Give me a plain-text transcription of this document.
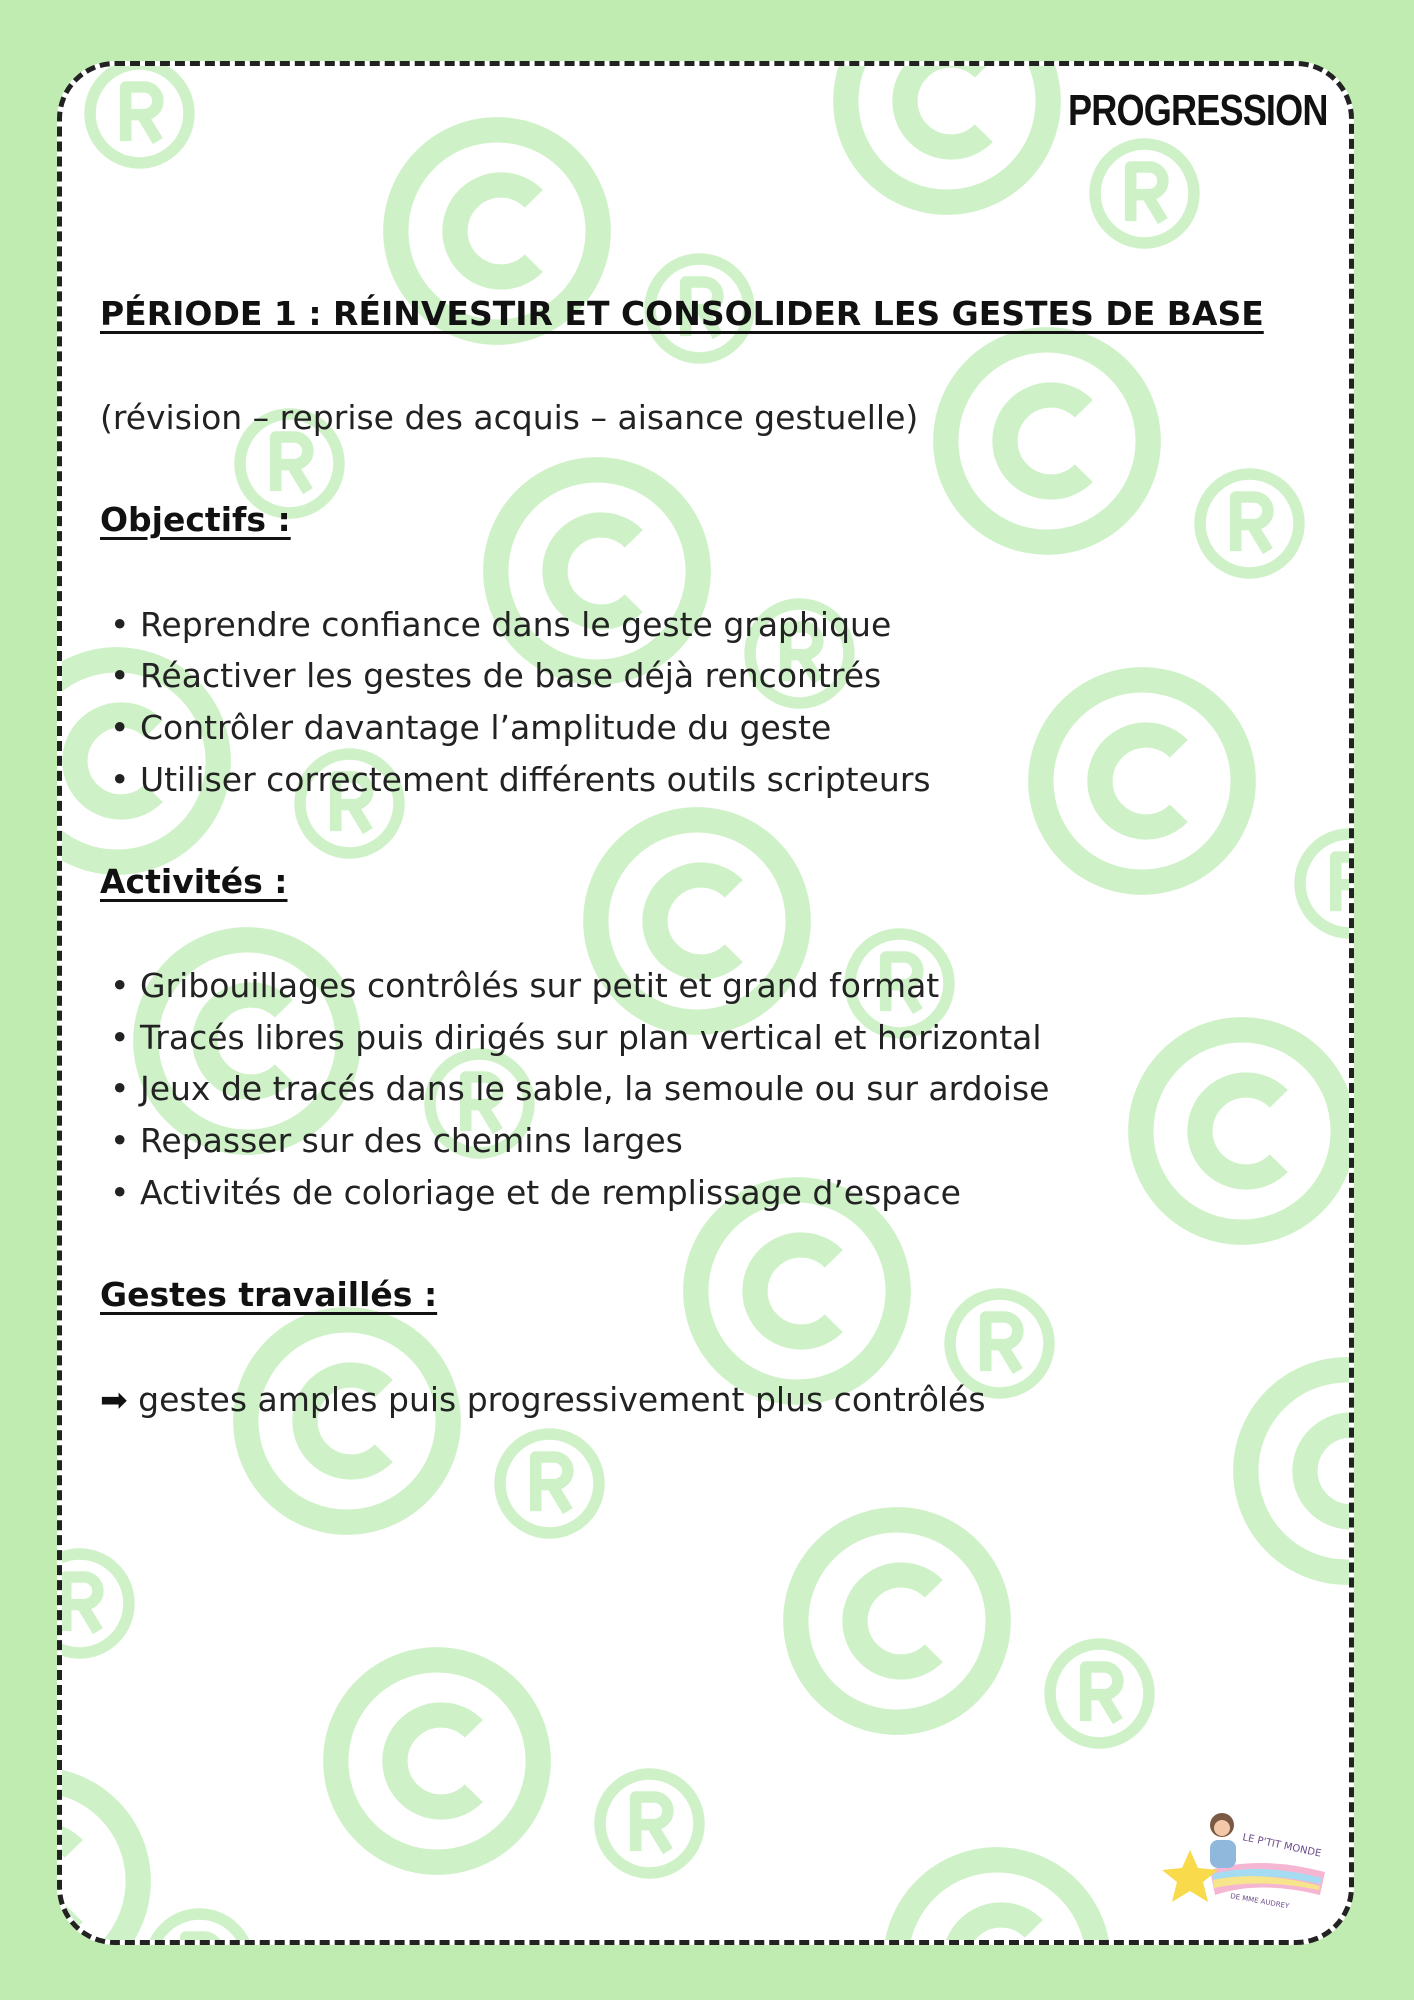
PROGRESSION
PÉRIODE 1 : RÉINVESTIR ET CONSOLIDER LES GESTES DE BASE
(révision – reprise des acquis – aisance gestuelle)
Objectifs :
• Reprendre confiance dans le geste graphique
• Réactiver les gestes de base déjà rencontrés
• Contrôler davantage l’amplitude du geste
• Utiliser correctement différents outils scripteurs
Activités :
• Gribouillages contrôlés sur petit et grand format
• Tracés libres puis dirigés sur plan vertical et horizontal
• Jeux de tracés dans le sable, la semoule ou sur ardoise
• Repasser sur des chemins larges
• Activités de coloriage et de remplissage d’espace
Gestes travaillés :
➡ gestes amples puis progressivement plus contrôlés
LE P'TIT MONDE
DE MME AUDREY
